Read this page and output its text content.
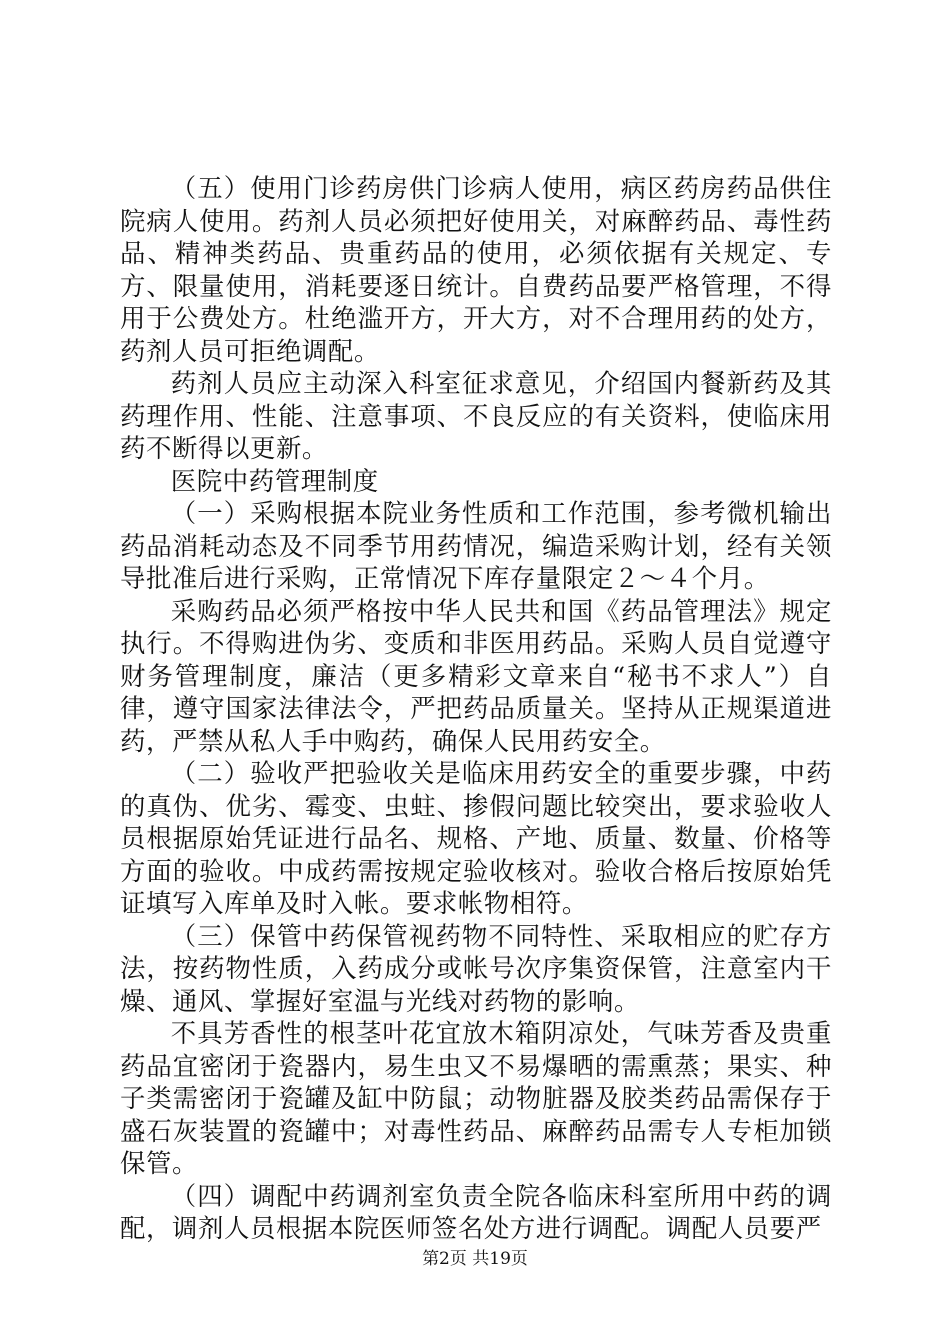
（五）使用门诊药房供门诊病人使用，病区药房药品供住院病人使用。药剂人员必须把好使用关，对麻醉药品、毒性药品、精神类药品、贵重药品的使用，必须依据有关规定、专方、限量使用，消耗要逐日统计。自费药品要严格管理，不得用于公费处方。杜绝滥开方，开大方，对不合理用药的处方，药剂人员可拒绝调配。

药剂人员应主动深入科室征求意见，介绍国内餐新药及其药理作用、性能、注意事项、不良反应的有关资料，使临床用药不断得以更新。

医院中药管理制度

（一）采购根据本院业务性质和工作范围，参考微机输出药品消耗动态及不同季节用药情况，编造采购计划，经有关领导批准后进行采购，正常情况下库存量限定２～４个月。

采购药品必须严格按中华人民共和国《药品管理法》规定执行。不得购进伪劣、变质和非医用药品。采购人员自觉遵守财务管理制度，廉洁（更多精彩文章来自“秘书不求人”）自律，遵守国家法律法令，严把药品质量关。坚持从正规渠道进药，严禁从私人手中购药，确保人民用药安全。

（二）验收严把验收关是临床用药安全的重要步骤，中药的真伪、优劣、霉变、虫蛀、掺假问题比较突出，要求验收人员根据原始凭证进行品名、规格、产地、质量、数量、价格等方面的验收。中成药需按规定验收核对。验收合格后按原始凭证填写入库单及时入帐。要求帐物相符。

（三）保管中药保管视药物不同特性、采取相应的贮存方法，按药物性质，入药成分或帐号次序集资保管，注意室内干燥、通风、掌握好室温与光线对药物的影响。

不具芳香性的根茎叶花宜放木箱阴凉处，气味芳香及贵重药品宜密闭于瓷器内，易生虫又不易爆晒的需熏蒸；果实、种子类需密闭于瓷罐及缸中防鼠；动物脏器及胶类药品需保存于盛石灰装置的瓷罐中；对毒性药品、麻醉药品需专人专柜加锁保管。

（四）调配中药调剂室负责全院各临床科室所用中药的调配，调剂人员根据本院医师签名处方进行调配。调配人员要严

第2页 共19页
